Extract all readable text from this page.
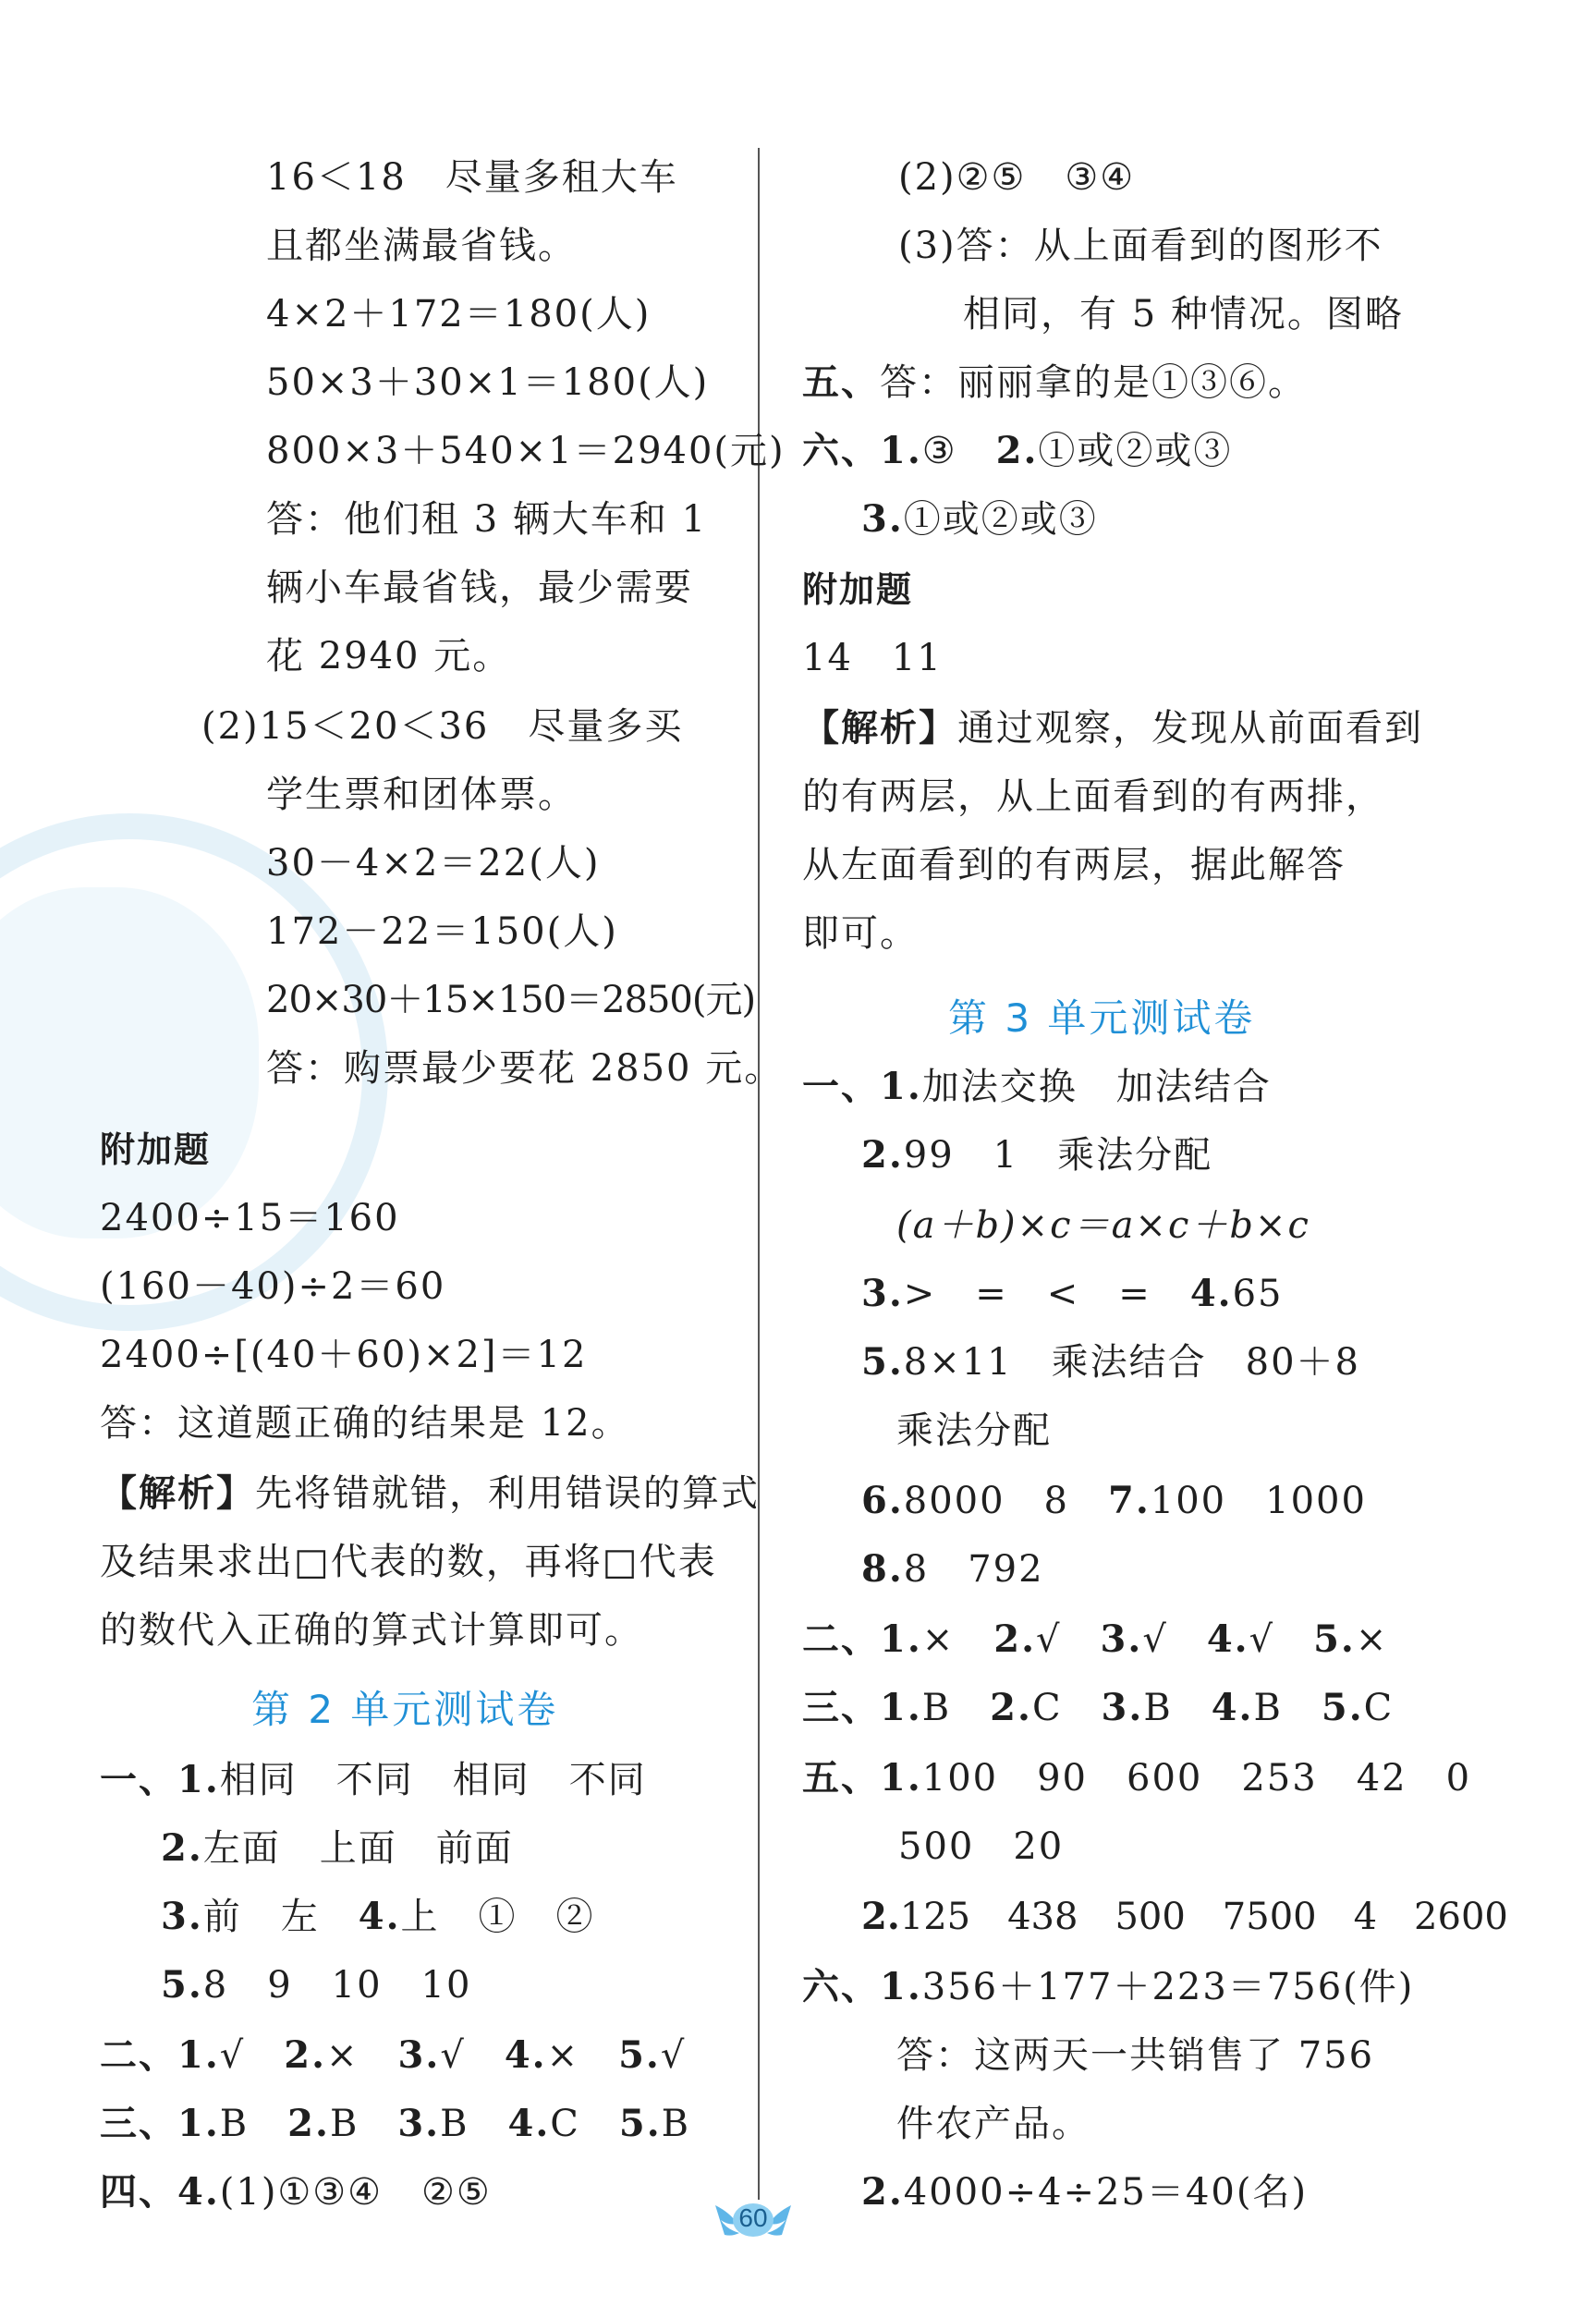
16＜18　尽量多租大车
且都坐满最省钱。
4×2＋172＝180(人)
50×3＋30×1＝180(人)
800×3＋540×1＝2940(元)
答：他们租 3 辆大车和 1
辆小车最省钱，最少需要
花 2940 元。
(2)15＜20＜36　尽量多买
学生票和团体票。
30－4×2＝22(人)
172－22＝150(人)
20×30＋15×150＝2850(元)
答：购票最少要花 2850 元。
附加题
2400÷15＝160
(160－40)÷2＝60
2400÷[(40＋60)×2]＝12
答：这道题正确的结果是 12。
【解析】先将错就错，利用错误的算式
及结果求出□代表的数，再将□代表
的数代入正确的算式计算即可。
第 2 单元测试卷
一、1.相同　不同　相同　不同
2.左面　上面　前面
3.前　左　4.上　①　②
5.8　9　10　10
二、1.√　2.×　3.√　4.×　5.√
三、1.B　2.B　3.B　4.C　5.B
四、4.(1)①③④　②⑤
(2)②⑤　③④
(3)答：从上面看到的图形不
相同，有 5 种情况。图略
五、答：丽丽拿的是①③⑥。
六、1.③　2.①或②或③
3.①或②或③
附加题
14　11
【解析】通过观察，发现从前面看到
的有两层，从上面看到的有两排，
从左面看到的有两层，据此解答
即可。
第 3 单元测试卷
一、1.加法交换　加法结合
2.99　1　乘法分配
(a＋b)×c＝a×c＋b×c
3.>　=　<　=　4.65
5.8×11　乘法结合　80＋8
乘法分配
6.8000　8　7.100　1000
8.8　792
二、1.×　2.√　3.√　4.√　5.×
三、1.B　2.C　3.B　4.B　5.C
五、1.100　90　600　253　42　0
500　20
2.125　438　500　7500　4　2600
六、1.356＋177＋223＝756(件)
答：这两天一共销售了 756
件农产品。
2.4000÷4÷25＝40(名)
60
